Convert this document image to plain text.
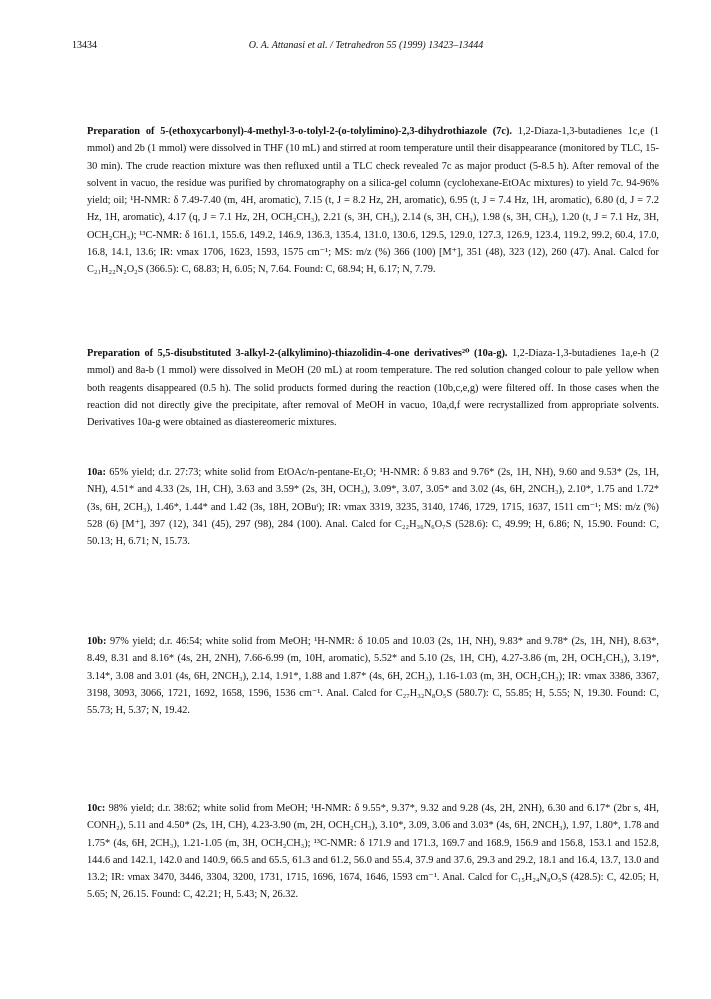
13434	O. A. Attanasi et al. / Tetrahedron 55 (1999) 13423–13444

Preparation of 5-(ethoxycarbonyl)-4-methyl-3-o-tolyl-2-(o-tolylimino)-2,3-dihydrothiazole (7c). 1,2-Diaza-1,3-butadienes 1c,e (1 mmol) and 2b (1 mmol) were dissolved in THF (10 mL) and stirred at room temperature until their disappearance (monitored by TLC, 15-30 min). The crude reaction mixture was then refluxed until a TLC check revealed 7c as major product (5-8.5 h). After removal of the solvent in vacuo, the residue was purified by chromatography on a silica-gel column (cyclohexane-EtOAc mixtures) to yield 7c. 94-96% yield; oil; ¹H-NMR: δ 7.49-7.40 (m, 4H, aromatic), 7.15 (t, J = 8.2 Hz, 2H, aromatic), 6.95 (t, J = 7.4 Hz, 1H, aromatic), 6.80 (d, J = 7.2 Hz, 1H, aromatic), 4.17 (q, J = 7.1 Hz, 2H, OCH₂CH₃), 2.21 (s, 3H, CH₃), 2.14 (s, 3H, CH₃), 1.98 (s, 3H, CH₃), 1.20 (t, J = 7.1 Hz, 3H, OCH₂CH₃); ¹³C-NMR: δ 161.1, 155.6, 149.2, 146.9, 136.3, 135.4, 131.0, 130.6, 129.5, 129.0, 127.3, 126.9, 123.4, 119.2, 99.2, 60.4, 17.0, 16.8, 14.1, 13.6; IR: νmax 1706, 1623, 1593, 1575 cm⁻¹; MS: m/z (%) 366 (100) [M⁺], 351 (48), 323 (12), 260 (47). Anal. Calcd for C₂₁H₂₂N₂O₂S (366.5): C, 68.83; H, 6.05; N, 7.64. Found: C, 68.94; H, 6.17; N, 7.79.

Preparation of 5,5-disubstituted 3-alkyl-2-(alkylimino)-thiazolidin-4-one derivatives²⁰ (10a-g). 1,2-Diaza-1,3-butadienes 1a,e-h (2 mmol) and 8a-b (1 mmol) were dissolved in MeOH (20 mL) at room temperature. The red solution changed colour to pale yellow when both reagents disappeared (0.5 h). The solid products formed during the reaction (10b,c,e,g) were filtered off. In those cases when the reaction did not directly give the precipitate, after removal of MeOH in vacuo, 10a,d,f were recrystallized from appropriate solvents. Derivatives 10a-g were obtained as diastereomeric mixtures.

10a: 65% yield; d.r. 27:73; white solid from EtOAc/n-pentane-Et₂O; ¹H-NMR: δ 9.83 and 9.76* (2s, 1H, NH), 9.60 and 9.53* (2s, 1H, NH), 4.51* and 4.33 (2s, 1H, CH), 3.63 and 3.59* (2s, 3H, OCH₃), 3.09*, 3.07, 3.05* and 3.02 (4s, 6H, 2NCH₃), 2.10*, 1.75 and 1.72* (3s, 6H, 2CH₃), 1.46*, 1.44* and 1.42 (3s, 18H, 2OBuᵗ); IR: νmax 3319, 3235, 3140, 1746, 1729, 1715, 1637, 1511 cm⁻¹; MS: m/z (%) 528 (6) [M⁺], 397 (12), 341 (45), 297 (98), 284 (100). Anal. Calcd for C₂₂H₃₆N₆O₇S (528.6): C, 49.99; H, 6.86; N, 15.90. Found: C, 50.13; H, 6.71; N, 15.73.

10b: 97% yield; d.r. 46:54; white solid from MeOH; ¹H-NMR: δ 10.05 and 10.03 (2s, 1H, NH), 9.83* and 9.78* (2s, 1H, NH), 8.63*, 8.49, 8.31 and 8.16* (4s, 2H, 2NH), 7.66-6.99 (m, 10H, aromatic), 5.52* and 5.10 (2s, 1H, CH), 4.27-3.86 (m, 2H, OCH₂CH₃), 3.19*, 3.14*, 3.08 and 3.01 (4s, 6H, 2NCH₃), 2.14, 1.91*, 1.88 and 1.87* (4s, 6H, 2CH₃), 1.16-1.03 (m, 3H, OCH₂CH₃); IR: νmax 3386, 3367, 3198, 3093, 3066, 1721, 1692, 1658, 1596, 1536 cm⁻¹. Anal. Calcd for C₂₇H₃₂N₈O₅S (580.7): C, 55.85; H, 5.55; N, 19.30. Found: C, 55.73; H, 5.37; N, 19.42.

10c: 98% yield; d.r. 38:62; white solid from MeOH; ¹H-NMR: δ 9.55*, 9.37*, 9.32 and 9.28 (4s, 2H, 2NH), 6.30 and 6.17* (2br s, 4H, CONH₂), 5.11 and 4.50* (2s, 1H, CH), 4.23-3.90 (m, 2H, OCH₂CH₃), 3.10*, 3.09, 3.06 and 3.03* (4s, 6H, 2NCH₃), 1.97, 1.80*, 1.78 and 1.75* (4s, 6H, 2CH₃), 1.21-1.05 (m, 3H, OCH₂CH₃); ¹³C-NMR: δ 171.9 and 171.3, 169.7 and 168.9, 156.9 and 156.8, 153.1 and 152.8, 144.6 and 142.1, 142.0 and 140.9, 66.5 and 65.5, 61.3 and 61.2, 56.0 and 55.4, 37.9 and 37.6, 29.3 and 29.2, 18.1 and 16.4, 13.7, 13.0 and 13.2; IR: νmax 3470, 3446, 3304, 3200, 1731, 1715, 1696, 1674, 1646, 1593 cm⁻¹. Anal. Calcd for C₁₅H₂₄N₈O₅S (428.5): C, 42.05; H, 5.65; N, 26.15. Found: C, 42.21; H, 5.43; N, 26.32.
